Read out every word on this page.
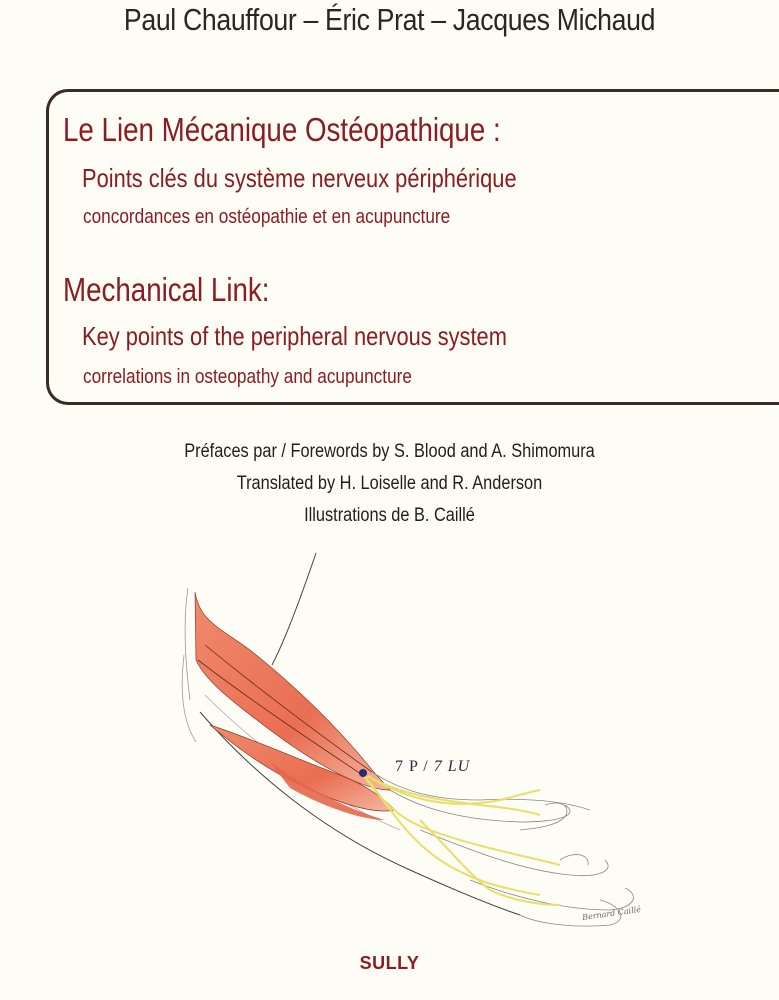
Paul Chauffour – Éric Prat – Jacques Michaud
Le Lien Mécanique Ostéopathique :
Points clés du système nerveux périphérique
concordances en ostéopathie et en acupuncture
Mechanical Link:
Key points of the peripheral nervous system
correlations in osteopathy and acupuncture
Préfaces par / Forewords by S. Blood and A. Shimomura
Translated by H. Loiselle and R. Anderson
Illustrations de B. Caillé
7 P / 7 LU
Bernard Caillé
SULLY
